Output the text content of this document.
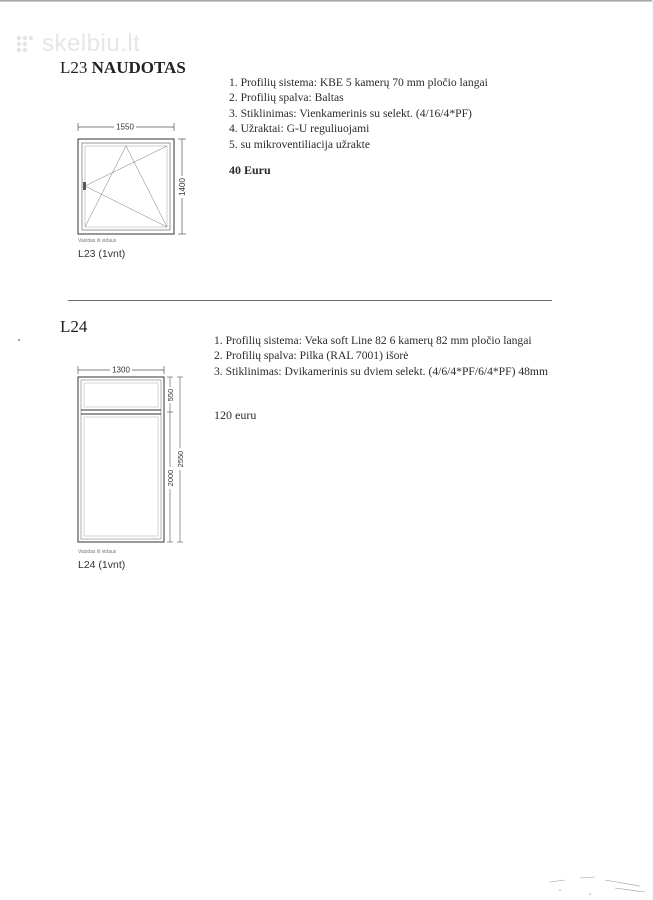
skelbiu.lt
L23 NAUDOTAS
1. Profilių sistema: KBE 5 kamerų 70 mm pločio langai
2. Profilių spalva: Baltas
3. Stiklinimas: Vienkamerinis su selekt. (4/16/4*PF)
4. Užraktai: G-U reguliuojami
5. su mikroventiliacija užrakte
40 Euru
1550
1400
Vaizdas iš vidaus
L23 (1vnt)
L24
1. Profilių sistema: Veka soft Line 82 6 kamerų 82 mm pločio langai
2. Profilių spalva: Pilka (RAL 7001) išorė
3. Stiklinimas: Dvikamerinis su dviem selekt. (4/6/4*PF/6/4*PF) 48mm
120 euru
1300
550
2000
2550
Vaizdas iš vidaus
L24 (1vnt)
